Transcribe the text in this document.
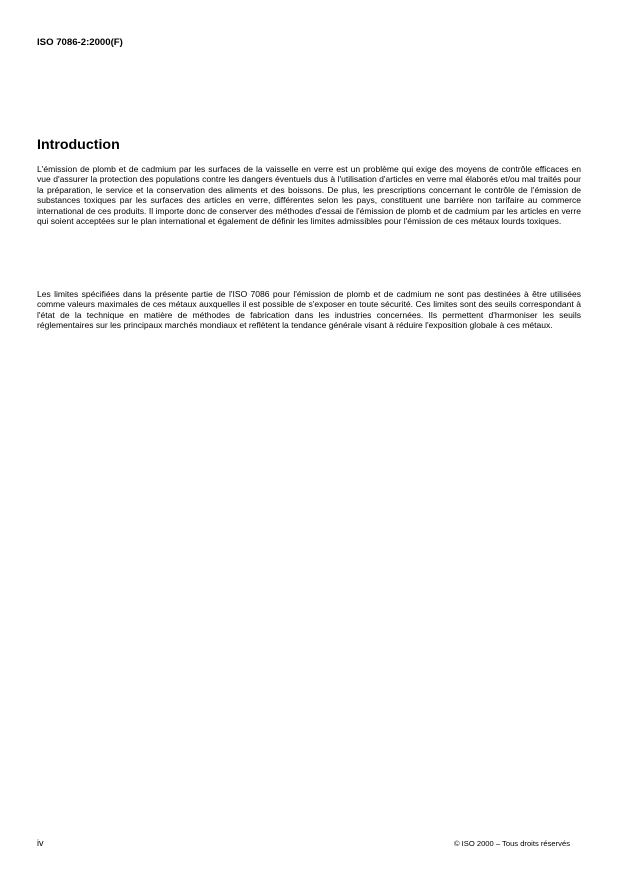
ISO 7086-2:2000(F)
Introduction

L'émission de plomb et de cadmium par les surfaces de la vaisselle en verre est un problème qui exige des moyens de contrôle efficaces en vue d'assurer la protection des populations contre les dangers éventuels dus à l'utilisation d'articles en verre mal élaborés et/ou mal traités pour la préparation, le service et la conservation des aliments et des boissons. De plus, les prescriptions concernant le contrôle de l'émission de substances toxiques par les surfaces des articles en verre, différentes selon les pays, constituent une barrière non tarifaire au commerce international de ces produits. Il importe donc de conserver des méthodes d'essai de l'émission de plomb et de cadmium par les articles en verre qui soient acceptées sur le plan international et également de définir les limites admissibles pour l'émission de ces métaux lourds toxiques.

Les limites spécifiées dans la présente partie de l'ISO 7086 pour l'émission de plomb et de cadmium ne sont pas destinées à être utilisées comme valeurs maximales de ces métaux auxquelles il est possible de s'exposer en toute sécurité. Ces limites sont des seuils correspondant à l'état de la technique en matière de méthodes de fabrication dans les industries concernées. Ils permettent d'harmoniser les seuils réglementaires sur les principaux marchés mondiaux et reflètent la tendance générale visant à réduire l'exposition globale à ces métaux.

iv	© ISO 2000 – Tous droits réservés
